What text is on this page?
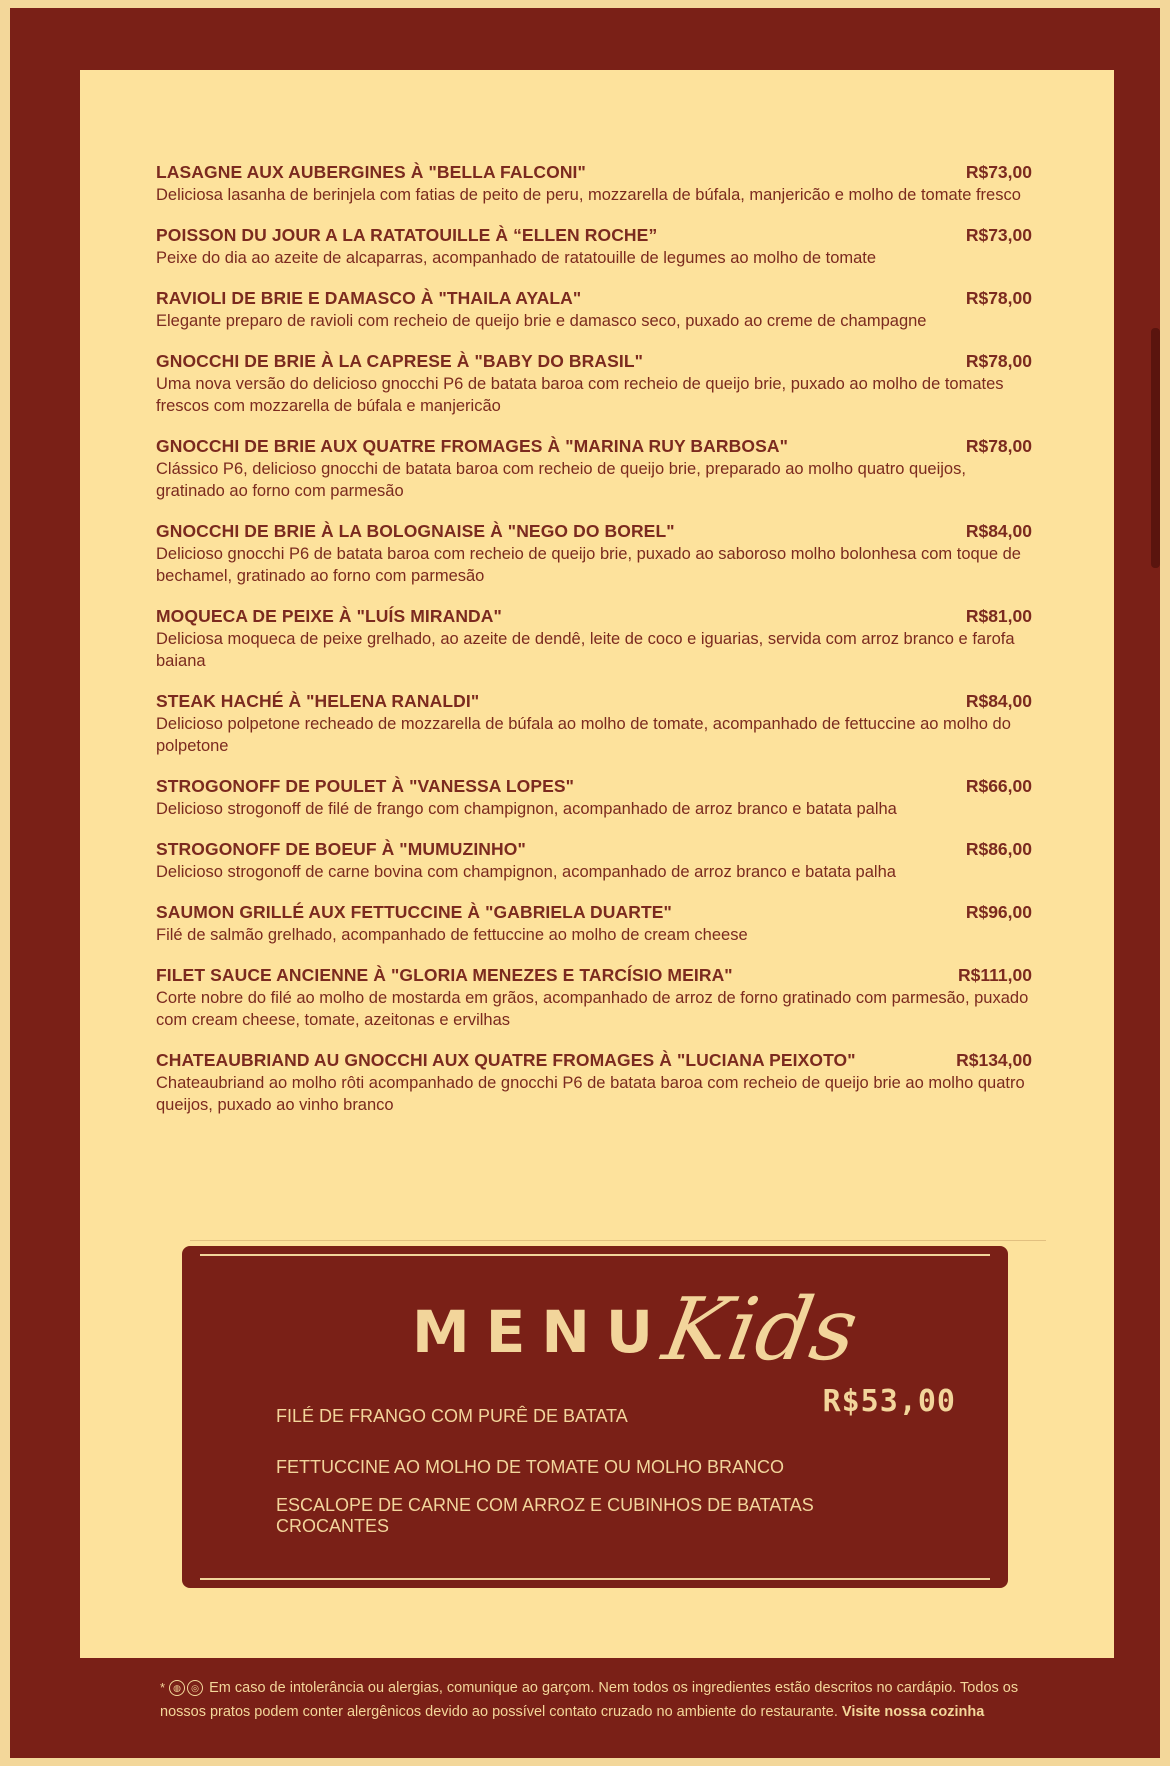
LASAGNE AUX AUBERGINES À "BELLA FALCONI"	R$73,00
Deliciosa lasanha de berinjela com fatias de peito de peru, mozzarella de búfala, manjericão e molho de tomate fresco
POISSON DU JOUR A LA RATATOUILLE À “ELLEN ROCHE”	R$73,00
Peixe do dia ao azeite de alcaparras, acompanhado de ratatouille de legumes ao molho de tomate
RAVIOLI DE BRIE E DAMASCO À "THAILA AYALA"	R$78,00
Elegante preparo de ravioli com recheio de queijo brie e damasco seco, puxado ao creme de champagne
GNOCCHI DE BRIE À LA CAPRESE À "BABY DO BRASIL"	R$78,00
Uma nova versão do delicioso gnocchi P6 de batata baroa com recheio de queijo brie, puxado ao molho de tomates frescos com mozzarella de búfala e manjericão
GNOCCHI DE BRIE AUX QUATRE FROMAGES À "MARINA RUY BARBOSA"	R$78,00
Clássico P6, delicioso gnocchi de batata baroa com recheio de queijo brie, preparado ao molho quatro queijos, gratinado ao forno com parmesão
GNOCCHI DE BRIE À LA BOLOGNAISE À "NEGO DO BOREL"	R$84,00
Delicioso gnocchi P6 de batata baroa com recheio de queijo brie, puxado ao saboroso molho bolonhesa com toque de bechamel, gratinado ao forno com parmesão
MOQUECA DE PEIXE À "LUÍS MIRANDA"	R$81,00
Deliciosa moqueca de peixe grelhado, ao azeite de dendê, leite de coco e iguarias, servida com arroz branco e farofa baiana
STEAK HACHÉ À "HELENA RANALDI"	R$84,00
Delicioso polpetone recheado de mozzarella de búfala ao molho de tomate, acompanhado de fettuccine ao molho do polpetone
STROGONOFF DE POULET À "VANESSA LOPES"	R$66,00
Delicioso strogonoff de filé de frango com champignon, acompanhado de arroz branco e batata palha
STROGONOFF DE BOEUF À "MUMUZINHO"	R$86,00
Delicioso strogonoff de carne bovina com champignon, acompanhado de arroz branco e batata palha
SAUMON GRILLÉ AUX FETTUCCINE À "GABRIELA DUARTE"	R$96,00
Filé de salmão grelhado, acompanhado de fettuccine ao molho de cream cheese
FILET SAUCE ANCIENNE À "GLORIA MENEZES E TARCÍSIO MEIRA"	R$111,00
Corte nobre do filé ao molho de mostarda em grãos, acompanhado de arroz de forno gratinado com parmesão, puxado com cream cheese, tomate, azeitonas e ervilhas
CHATEAUBRIAND AU GNOCCHI AUX QUATRE FROMAGES À "LUCIANA PEIXOTO"	R$134,00
Chateaubriand ao molho rôti acompanhado de gnocchi P6 de batata baroa com recheio de queijo brie ao molho quatro queijos, puxado ao vinho branco
MENU
Kids
R$53,00
FILÉ DE FRANGO COM PURÊ DE BATATA
FETTUCCINE AO MOLHO DE TOMATE OU MOLHO BRANCO
ESCALOPE DE CARNE COM ARROZ E CUBINHOS DE BATATAS CROCANTES
* ◍ ◎ Em caso de intolerância ou alergias, comunique ao garçom. Nem todos os ingredientes estão descritos no cardápio. Todos os nossos pratos podem conter alergênicos devido ao possível contato cruzado no ambiente do restaurante. Visite nossa cozinha
